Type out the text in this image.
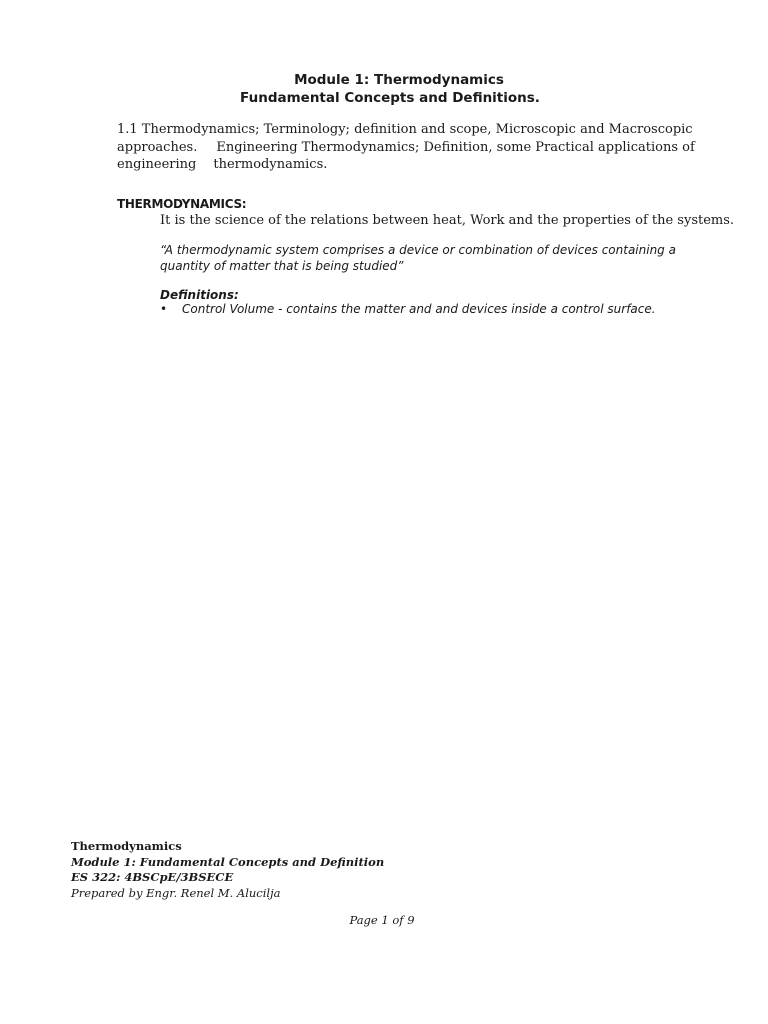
Module 1: Thermodynamics
Fundamental Concepts and Definitions.
1.1 Thermodynamics; Terminology; definition and scope, Microscopic and Macroscopic
approaches. Engineering Thermodynamics; Definition, some Practical applications of
engineering thermodynamics.
THERMODYNAMICS:
It is the science of the relations between heat, Work and the properties of the systems.
“A thermodynamic system comprises a device or combination of devices containing a quantity of matter that is being studied”
Definitions:
• Control Volume - contains the matter and and devices inside a control surface.
Thermodynamics
Module 1: Fundamental Concepts and Definition
ES 322: 4BSCpE/3BSECE
Prepared by Engr. Renel M. Alucilja
Page 1 of 9
